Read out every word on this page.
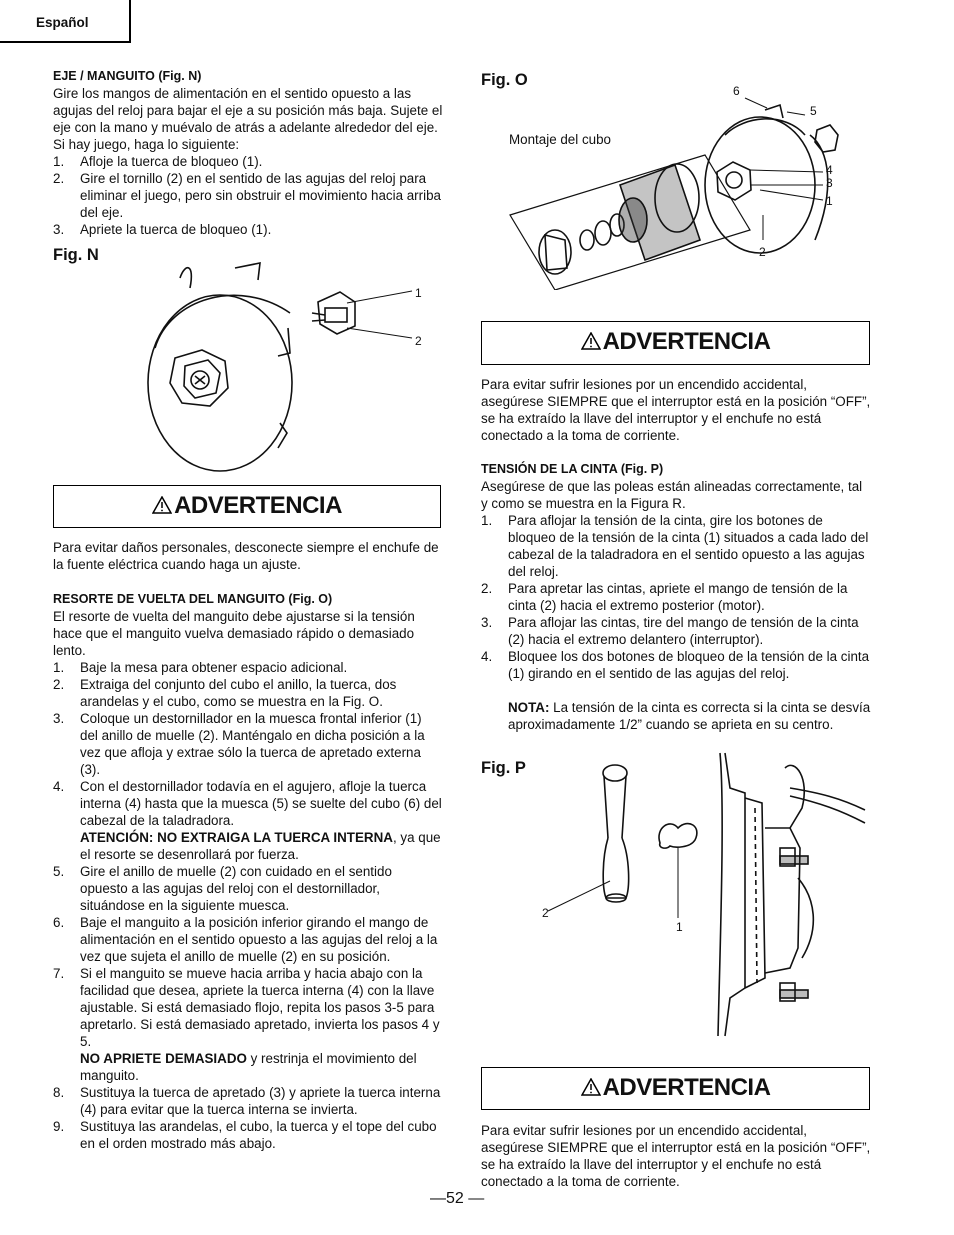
Español

EJE / MANGUITO (Fig. N)

Gire los mangos de alimentación en el sentido opuesto a las agujas del reloj para bajar el eje a su posición más baja. Sujete el eje con la mano y muévalo de atrás a adelante alrededor del eje. Si hay juego, haga lo siguiente:

1. Afloje la tuerca de bloqueo (1).
2. Gire el tornillo (2) en el sentido de las agujas del reloj para eliminar el juego, pero sin obstruir el movimiento hacia arriba del eje.
3. Apriete la tuerca de bloqueo (1).
Fig. N
1
2
ADVERTENCIA

Para evitar daños personales, desconecte siempre el enchufe de la fuente eléctrica cuando haga un ajuste.

RESORTE DE VUELTA DEL MANGUITO (Fig. O)

El resorte de vuelta del manguito debe ajustarse si la tensión hace que el manguito vuelva demasiado rápido o demasiado lento.

1. Baje la mesa para obtener espacio adicional.
2. Extraiga del conjunto del cubo el anillo, la tuerca, dos arandelas y el cubo, como se muestra en la Fig. O.
3. Coloque un destornillador en la muesca frontal inferior (1) del anillo de muelle (2). Manténgalo en dicha posición a la vez que afloja y extrae sólo la tuerca de apretado externa (3).
4. Con el destornillador todavía en el agujero, afloje la tuerca interna (4) hasta que la muesca (5) se suelte del cubo (6) del cabezal de la taladradora.
ATENCIÓN: NO EXTRAIGA LA TUERCA INTERNA, ya que el resorte se desenrollará por fuerza.
5. Gire el anillo de muelle (2) con cuidado en el sentido opuesto a las agujas del reloj con el destornillador, situándose en la siguiente muesca.
6. Baje el manguito a la posición inferior girando el mango de alimentación en el sentido opuesto a las agujas del reloj a la vez que sujeta el anillo de muelle (2) en su posición.
7. Si el manguito se mueve hacia arriba y hacia abajo con la facilidad que desea, apriete la tuerca interna (4) con la llave ajustable. Si está demasiado flojo, repita los pasos 3-5 para apretarlo. Si está demasiado apretado, invierta los pasos 4 y 5.
NO APRIETE DEMASIADO y restrinja el movimiento del manguito.
8. Sustituya la tuerca de apretado (3) y apriete la tuerca interna (4) para evitar que la tuerca interna se invierta.
9. Sustituya las arandelas, el cubo, la tuerca y el tope del cubo en el orden mostrado más abajo.
Fig. O
Montaje del cubo
6
5
4
3
1
2
ADVERTENCIA

Para evitar sufrir lesiones por un encendido accidental, asegúrese SIEMPRE que el interruptor está en la posición “OFF”, se ha extraído la llave del interruptor y el enchufe no está conectado a la toma de corriente.

TENSIÓN DE LA CINTA (Fig. P)

Asegúrese de que las poleas están alineadas correctamente, tal y como se muestra en la Figura R.

1. Para aflojar la tensión de la cinta, gire los botones de bloqueo de la tensión de la cinta (1) situados a cada lado del cabezal de la taladradora en el sentido opuesto a las agujas del reloj.
2. Para apretar las cintas, apriete el mango de tensión de la cinta (2) hacia el extremo posterior (motor).
3. Para aflojar las cintas, tire del mango de tensión de la cinta (2) hacia el extremo delantero (interruptor).
4. Bloquee los dos botones de bloqueo de la tensión de la cinta (1) girando en el sentido de las agujas del reloj.

NOTA: La tensión de la cinta es correcta si la cinta se desvía aproximadamente 1/2” cuando se aprieta en su centro.

Fig. P
2
1
ADVERTENCIA

Para evitar sufrir lesiones por un encendido accidental, asegúrese SIEMPRE que el interruptor está en la posición “OFF”, se ha extraído la llave del interruptor y el enchufe no está conectado a la toma de corriente.

—52 —
